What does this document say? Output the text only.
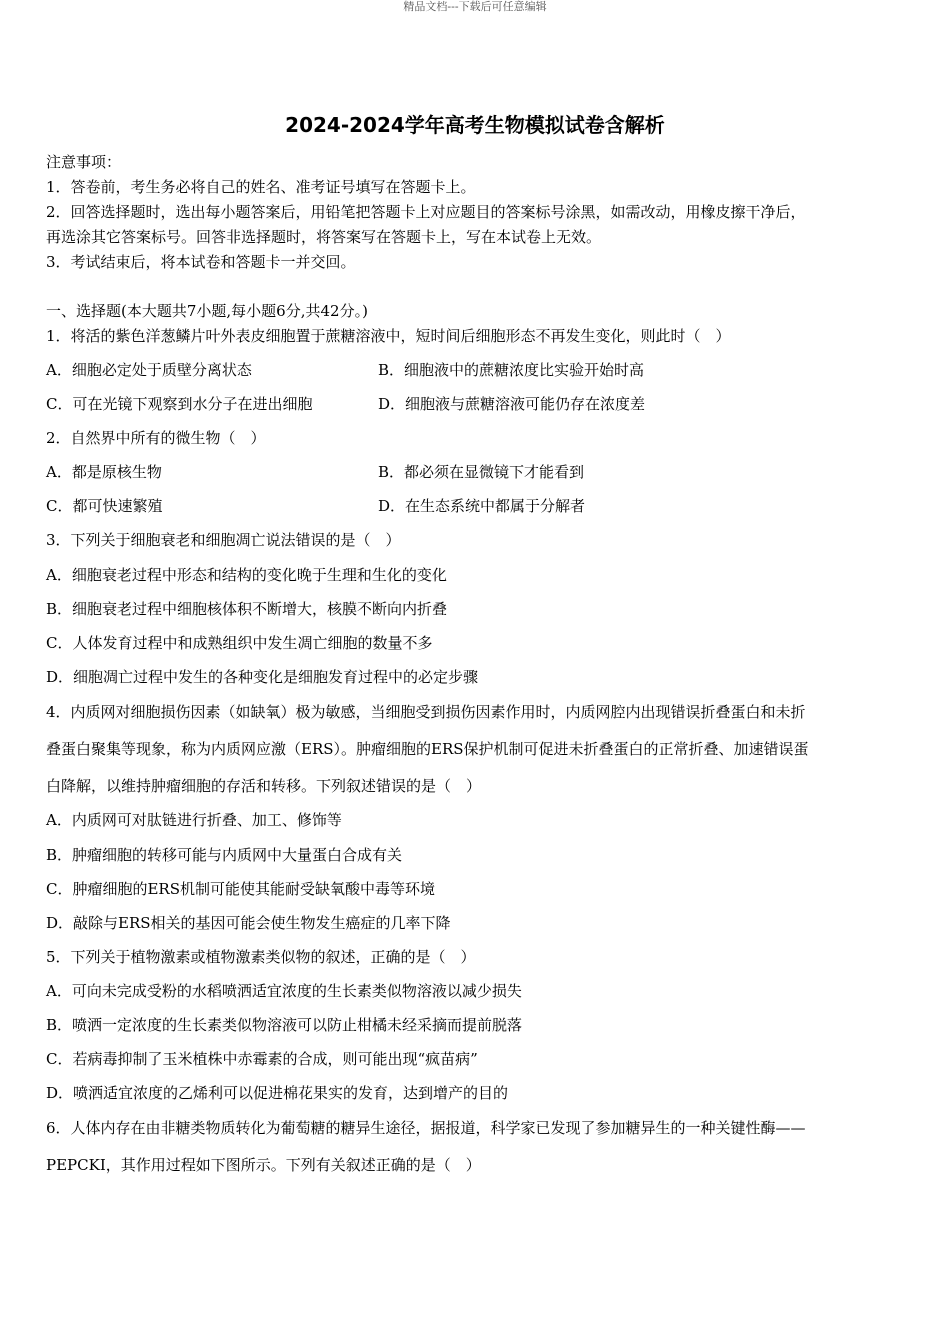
精品文档---下载后可任意编辑
2024-2024学年高考生物模拟试卷含解析
注意事项：
1．答卷前，考生务必将自己的姓名、准考证号填写在答题卡上。
2．回答选择题时，选出每小题答案后，用铅笔把答题卡上对应题目的答案标号涂黑，如需改动，用橡皮擦干净后，
再选涂其它答案标号。回答非选择题时，将答案写在答题卡上，写在本试卷上无效。
3．考试结束后，将本试卷和答题卡一并交回。
一、选择题(本大题共7小题,每小题6分,共42分。)
1．将活的紫色洋葱鳞片叶外表皮细胞置于蔗糖溶液中，短时间后细胞形态不再发生变化，则此时（　）
A．细胞必定处于质壁分离状态	B．细胞液中的蔗糖浓度比实验开始时高
C．可在光镜下观察到水分子在进出细胞	D．细胞液与蔗糖溶液可能仍存在浓度差
2．自然界中所有的微生物（　）
A．都是原核生物	B．都必须在显微镜下才能看到
C．都可快速繁殖	D．在生态系统中都属于分解者
3．下列关于细胞衰老和细胞凋亡说法错误的是（　）
A．细胞衰老过程中形态和结构的变化晚于生理和生化的变化
B．细胞衰老过程中细胞核体积不断增大，核膜不断向内折叠
C．人体发育过程中和成熟组织中发生凋亡细胞的数量不多
D．细胞凋亡过程中发生的各种变化是细胞发育过程中的必定步骤
4．内质网对细胞损伤因素（如缺氧）极为敏感，当细胞受到损伤因素作用时，内质网腔内出现错误折叠蛋白和未折
叠蛋白聚集等现象，称为内质网应激（ERS）。肿瘤细胞的ERS保护机制可促进未折叠蛋白的正常折叠、加速错误蛋
白降解，以维持肿瘤细胞的存活和转移。下列叙述错误的是（　）
A．内质网可对肽链进行折叠、加工、修饰等
B．肿瘤细胞的转移可能与内质网中大量蛋白合成有关
C．肿瘤细胞的ERS机制可能使其能耐受缺氧酸中毒等环境
D．敲除与ERS相关的基因可能会使生物发生癌症的几率下降
5．下列关于植物激素或植物激素类似物的叙述，正确的是（　）
A．可向未完成受粉的水稻喷洒适宜浓度的生长素类似物溶液以减少损失
B．喷洒一定浓度的生长素类似物溶液可以防止柑橘未经采摘而提前脱落
C．若病毒抑制了玉米植株中赤霉素的合成，则可能出现“疯苗病”
D．喷洒适宜浓度的乙烯利可以促进棉花果实的发育，达到增产的目的
6．人体内存在由非糖类物质转化为葡萄糖的糖异生途径，据报道，科学家已发现了参加糖异生的一种关键性酶——
PEPCKI，其作用过程如下图所示。下列有关叙述正确的是（　）
